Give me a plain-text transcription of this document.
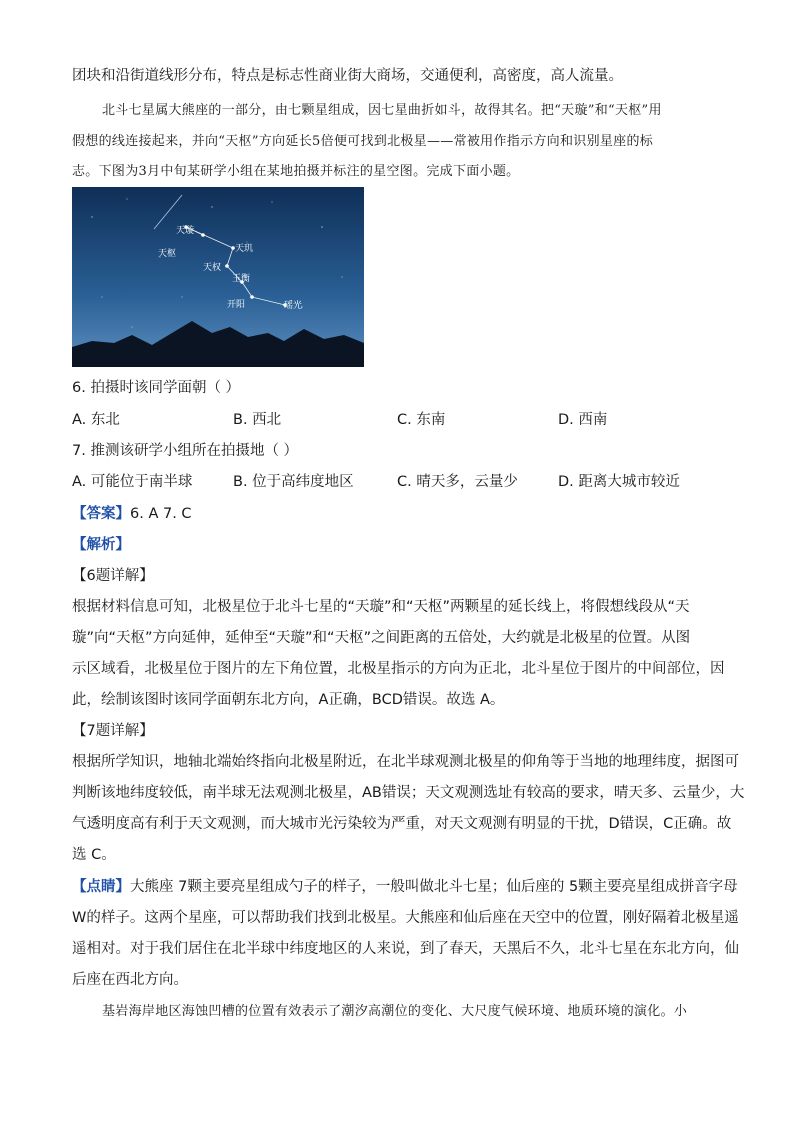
团块和沿街道线形分布，特点是标志性商业街大商场，交通便利，高密度，高人流量。
北斗七星属大熊座的一部分，由七颗星组成，因七星曲折如斗，故得其名。把“天璇”和“天枢”用
假想的线连接起来，并向“天枢”方向延长5倍便可找到北极星——常被用作指示方向和识别星座的标
志。下图为3月中旬某研学小组在某地拍摄并标注的星空图。完成下面小题。
天璇
天枢	天玑
天权
玉衡
开阳	瑶光
6. 拍摄时该同学面朝（ ）
A. 东北	B. 西北	C. 东南	D. 西南
7. 推测该研学小组所在拍摄地（ ）
A. 可能位于南半球	B. 位于高纬度地区	C. 晴天多，云量少	D. 距离大城市较近
【答案】6. A 7. C
【解析】
【6题详解】
根据材料信息可知，北极星位于北斗七星的“天璇”和“天枢”两颗星的延长线上，将假想线段从“天
璇”向“天枢”方向延伸，延伸至“天璇”和“天枢”之间距离的五倍处，大约就是北极星的位置。从图
示区域看，北极星位于图片的左下角位置，北极星指示的方向为正北，北斗星位于图片的中间部位，因
此，绘制该图时该同学面朝东北方向，A正确，BCD错误。故选 A。
【7题详解】
根据所学知识，地轴北端始终指向北极星附近，在北半球观测北极星的仰角等于当地的地理纬度，据图可
判断该地纬度较低，南半球无法观测北极星，AB错误；天文观测选址有较高的要求，晴天多、云量少，大
气透明度高有利于天文观测，而大城市光污染较为严重，对天文观测有明显的干扰，D错误，C正确。故
选 C。
【点睛】大熊座 7颗主要亮星组成勺子的样子，一般叫做北斗七星；仙后座的 5颗主要亮星组成拼音字母
W的样子。这两个星座，可以帮助我们找到北极星。大熊座和仙后座在天空中的位置，刚好隔着北极星遥
遥相对。对于我们居住在北半球中纬度地区的人来说，到了春天，天黑后不久，北斗七星在东北方向，仙
后座在西北方向。
基岩海岸地区海蚀凹槽的位置有效表示了潮汐高潮位的变化、大尺度气候环境、地质环境的演化。小
